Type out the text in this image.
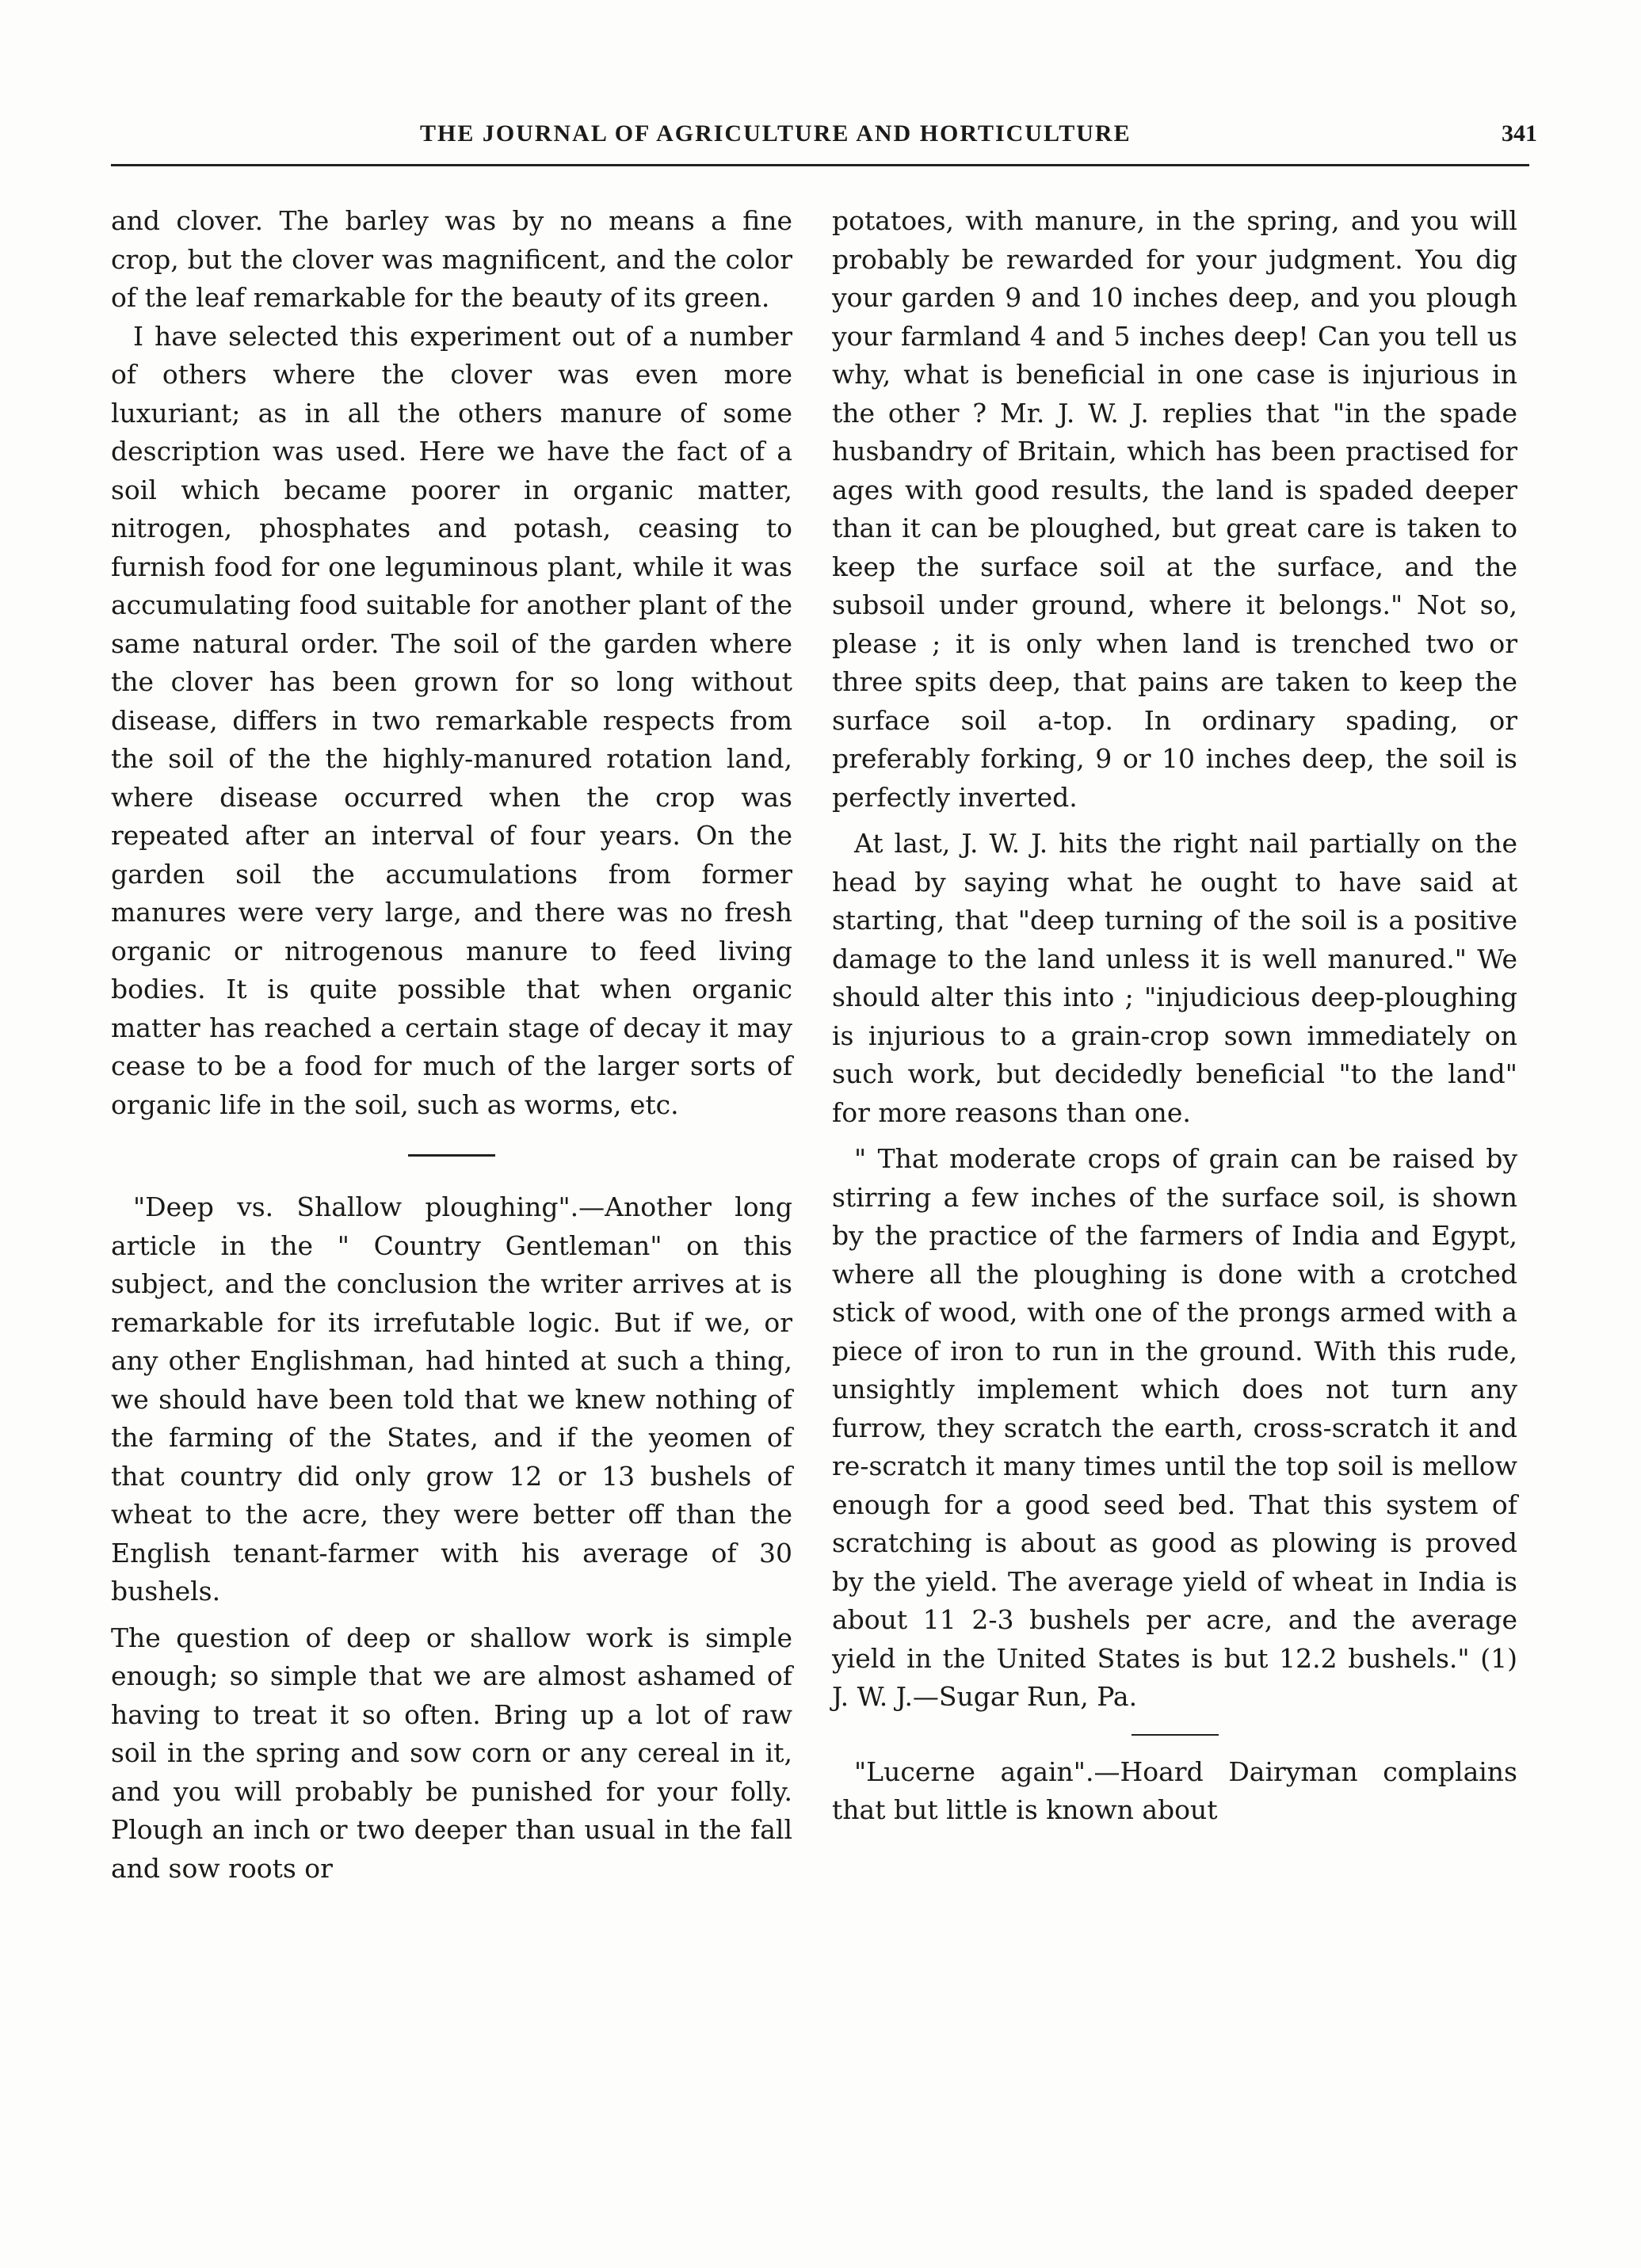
THE JOURNAL OF AGRICULTURE AND HORTICULTURE	341

and clover. The barley was by no means a fine crop, but the clover was magnificent, and the color of the leaf remarkable for the beauty of its green.

I have selected this experiment out of a number of others where the clover was even more luxuriant; as in all the others manure of some description was used. Here we have the fact of a soil which became poorer in organic matter, nitrogen, phosphates and potash, ceasing to furnish food for one leguminous plant, while it was accumulating food suitable for another plant of the same natural order. The soil of the garden where the clover has been grown for so long without disease, differs in two remarkable respects from the soil of the the highly-manured rotation land, where disease occurred when the crop was repeated after an interval of four years. On the garden soil the accumulations from former manures were very large, and there was no fresh organic or nitrogenous manure to feed living bodies. It is quite possible that when organic matter has reached a certain stage of decay it may cease to be a food for much of the larger sorts of organic life in the soil, such as worms, etc.

"Deep vs. Shallow ploughing".—Another long article in the " Country Gentleman" on this subject, and the conclusion the writer arrives at is remarkable for its irrefutable logic. But if we, or any other Englishman, had hinted at such a thing, we should have been told that we knew nothing of the farming of the States, and if the yeomen of that country did only grow 12 or 13 bushels of wheat to the acre, they were better off than the English tenant-farmer with his average of 30 bushels.

The question of deep or shallow work is simple enough; so simple that we are almost ashamed of having to treat it so often. Bring up a lot of raw soil in the spring and sow corn or any cereal in it, and you will probably be punished for your folly. Plough an inch or two deeper than usual in the fall and sow roots or

potatoes, with manure, in the spring, and you will probably be rewarded for your judgment. You dig your garden 9 and 10 inches deep, and you plough your farmland 4 and 5 inches deep! Can you tell us why, what is beneficial in one case is injurious in the other ? Mr. J. W. J. replies that "in the spade husbandry of Britain, which has been practised for ages with good results, the land is spaded deeper than it can be ploughed, but great care is taken to keep the surface soil at the surface, and the subsoil under ground, where it belongs." Not so, please ; it is only when land is trenched two or three spits deep, that pains are taken to keep the surface soil a-top. In ordinary spading, or preferably forking, 9 or 10 inches deep, the soil is perfectly inverted.

At last, J. W. J. hits the right nail partially on the head by saying what he ought to have said at starting, that "deep turning of the soil is a positive damage to the land unless it is well manured." We should alter this into ; "injudicious deep-ploughing is injurious to a grain-crop sown immediately on such work, but decidedly beneficial "to the land" for more reasons than one.

" That moderate crops of grain can be raised by stirring a few inches of the surface soil, is shown by the practice of the farmers of India and Egypt, where all the ploughing is done with a crotched stick of wood, with one of the prongs armed with a piece of iron to run in the ground. With this rude, unsightly implement which does not turn any furrow, they scratch the earth, cross-scratch it and re-scratch it many times until the top soil is mellow enough for a good seed bed. That this system of scratching is about as good as plowing is proved by the yield. The average yield of wheat in India is about 11 2-3 bushels per acre, and the average yield in the United States is but 12.2 bushels." (1) J. W. J.—Sugar Run, Pa.

"Lucerne again".—Hoard Dairyman complains that but little is known about
